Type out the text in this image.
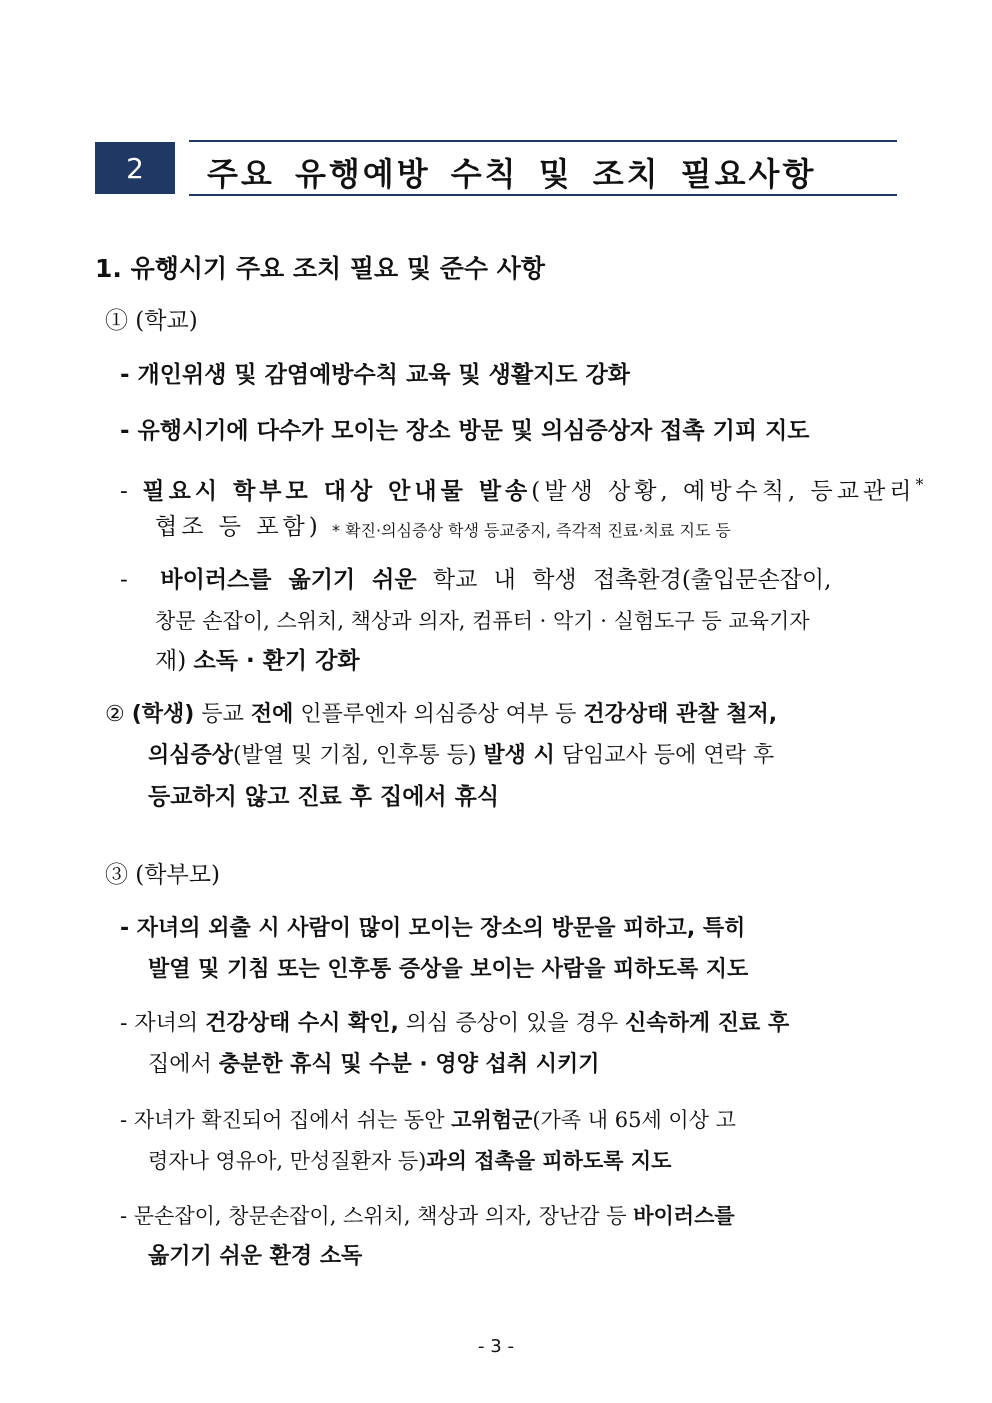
2	주요 유행예방 수칙 및 조치 필요사항
1. 유행시기 주요 조치 필요 및 준수 사항
① (학교)
- 개인위생 및 감염예방수칙 교육 및 생활지도 강화
- 유행시기에 다수가 모이는 장소 방문 및 의심증상자 접촉 기피 지도
- 필요시 학부모 대상 안내물 발송(발생 상황, 예방수칙, 등교관리*
협조 등 포함) * 확진·의심증상 학생 등교중지, 즉각적 진료·치료 지도 등
- 바이러스를 옮기기 쉬운 학교 내 학생 접촉환경(출입문손잡이,
창문 손잡이, 스위치, 책상과 의자, 컴퓨터 · 악기 · 실험도구 등 교육기자
재) 소독 · 환기 강화
② (학생) 등교 전에 인플루엔자 의심증상 여부 등 건강상태 관찰 철저,
의심증상(발열 및 기침, 인후통 등) 발생 시 담임교사 등에 연락 후
등교하지 않고 진료 후 집에서 휴식
③ (학부모)
- 자녀의 외출 시 사람이 많이 모이는 장소의 방문을 피하고, 특히
발열 및 기침 또는 인후통 증상을 보이는 사람을 피하도록 지도
- 자녀의 건강상태 수시 확인, 의심 증상이 있을 경우 신속하게 진료 후
집에서 충분한 휴식 및 수분 · 영양 섭취 시키기
- 자녀가 확진되어 집에서 쉬는 동안 고위험군(가족 내 65세 이상 고
령자나 영유아, 만성질환자 등)과의 접촉을 피하도록 지도
- 문손잡이, 창문손잡이, 스위치, 책상과 의자, 장난감 등 바이러스를
옮기기 쉬운 환경 소독
- 3 -
